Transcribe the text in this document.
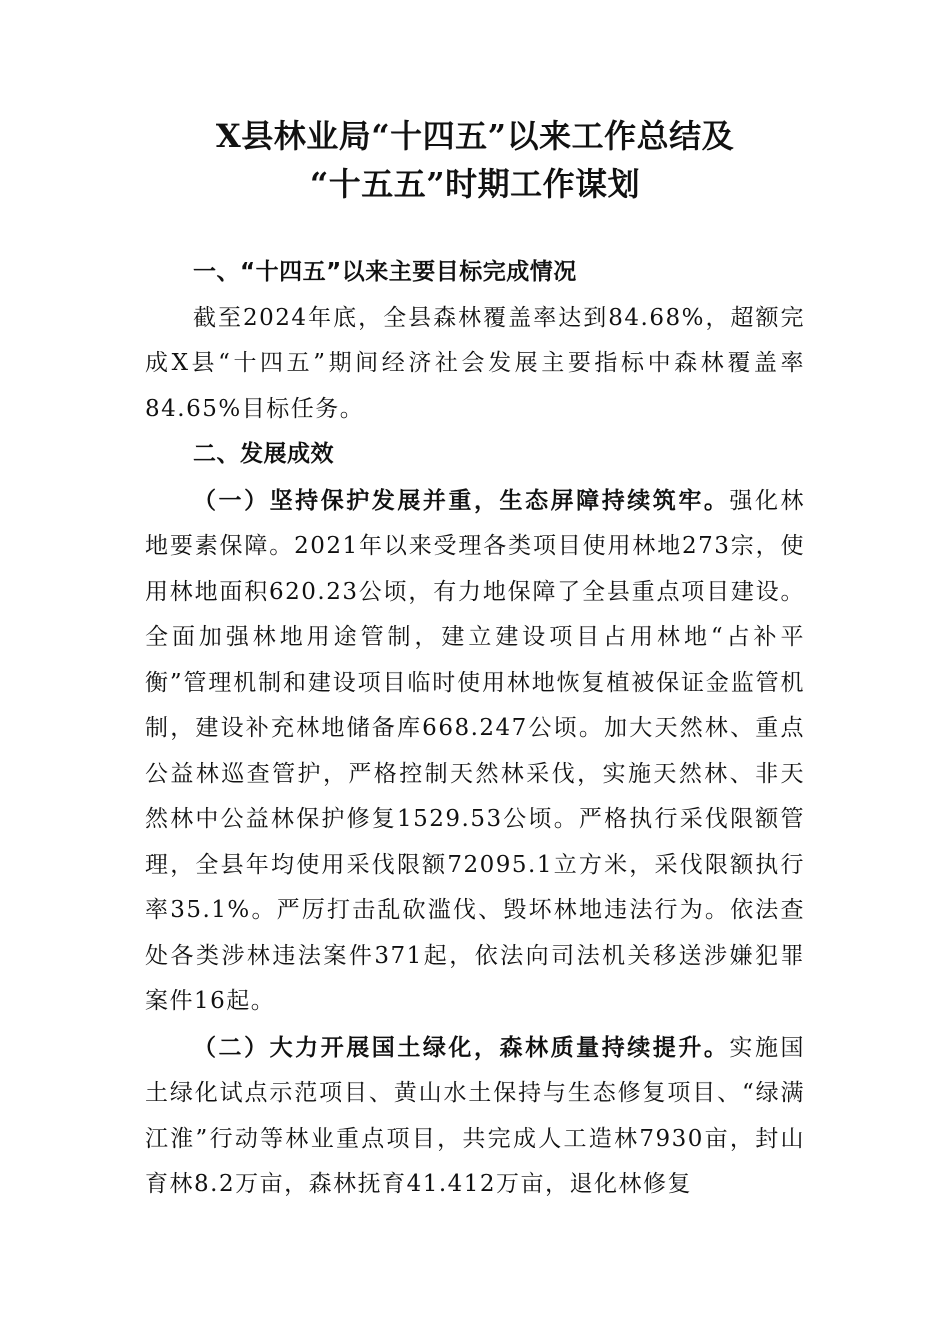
X县林业局“十四五”以来工作总结及
“十五五”时期工作谋划

一、“十四五”以来主要目标完成情况

截至2024年底，全县森林覆盖率达到84.68%，超额完成X县“十四五”期间经济社会发展主要指标中森林覆盖率84.65%目标任务。

二、发展成效

（一）坚持保护发展并重，生态屏障持续筑牢。强化林地要素保障。2021年以来受理各类项目使用林地273宗，使用林地面积620.23公顷，有力地保障了全县重点项目建设。全面加强林地用途管制，建立建设项目占用林地“占补平衡”管理机制和建设项目临时使用林地恢复植被保证金监管机制，建设补充林地储备库668.247公顷。加大天然林、重点公益林巡查管护，严格控制天然林采伐，实施天然林、非天然林中公益林保护修复1529.53公顷。严格执行采伐限额管理，全县年均使用采伐限额72095.1立方米，采伐限额执行率35.1%。严厉打击乱砍滥伐、毁坏林地违法行为。依法查处各类涉林违法案件371起，依法向司法机关移送涉嫌犯罪案件16起。

（二）大力开展国土绿化，森林质量持续提升。实施国土绿化试点示范项目、黄山水土保持与生态修复项目、“绿满江淮”行动等林业重点项目，共完成人工造林7930亩，封山育林8.2万亩，森林抚育41.412万亩，退化林修复
